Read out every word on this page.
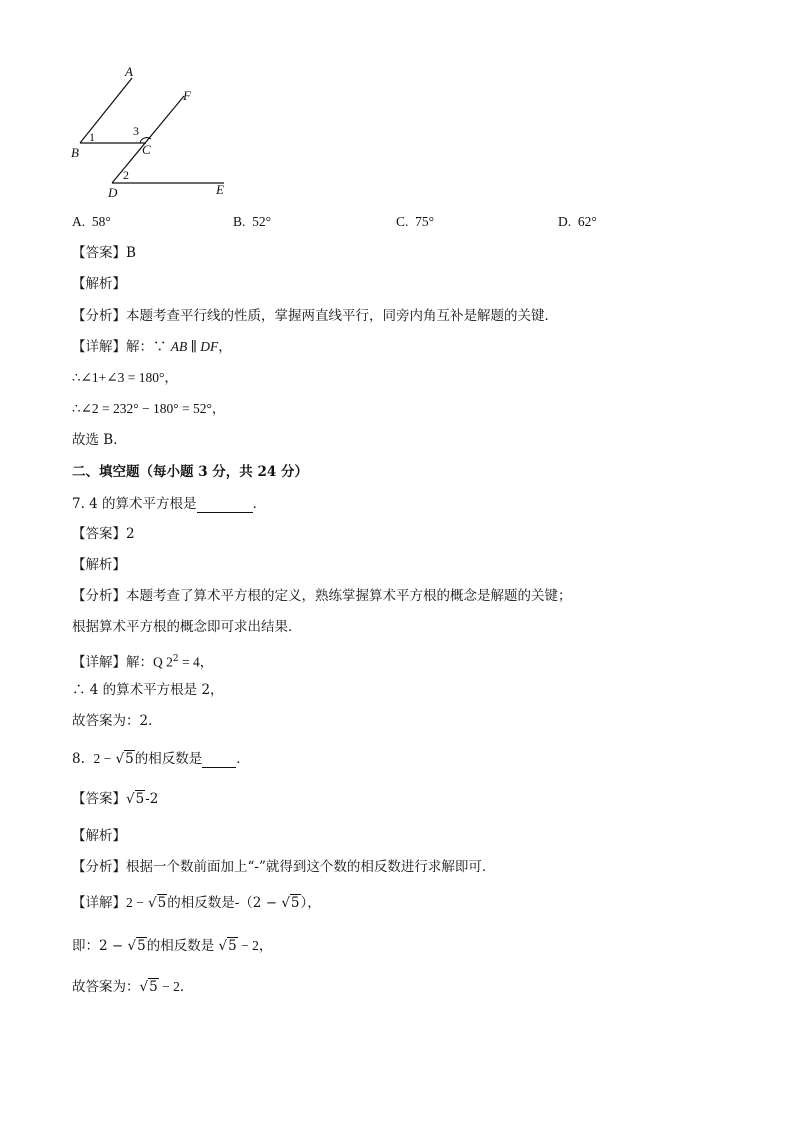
A
F
B	C
D	E
1	3
2
A. 58°	B. 52°	C. 75°	D. 62°
【答案】B
【解析】
【分析】本题考查平行线的性质，掌握两直线平行，同旁内角互补是解题的关键．
【详解】解：∵ AB ∥ DF，
∴∠1+∠3 = 180°，
∴∠2 = 232° − 180° = 52°，
故选 B．
二、填空题（每小题 3 分，共 24 分）
7. 4 的算术平方根是	．
【答案】2
【解析】
【分析】本题考查了算术平方根的定义，熟练掌握算术平方根的概念是解题的关键；
根据算术平方根的概念即可求出结果．
【详解】解：Q $2^2 = 4$，
∴ 4 的算术平方根是 2，
故答案为：2．
8. 2 − √5的相反数是	．
【答案】√5-2
【解析】
【分析】根据一个数前面加上“-”就得到这个数的相反数进行求解即可．
【详解】2 − √5的相反数是-（2 − √5），
即：2 − √5的相反数是 √5 − 2，
故答案为：√5 − 2．
